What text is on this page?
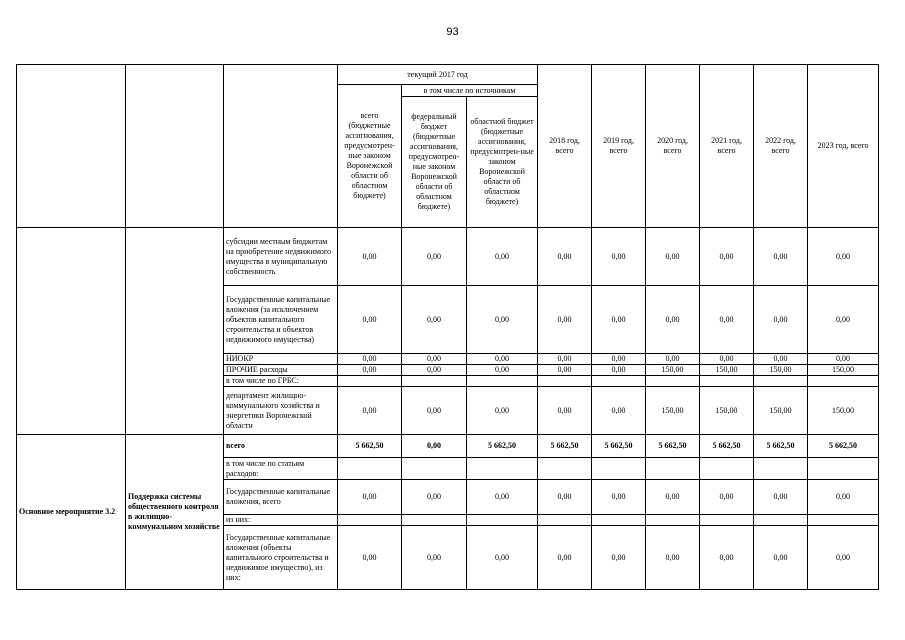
93
			текущий 2017 год			2018 год, всего	2019 год, всего	2020 год, всего	2021 год, всего	2022 год, всего	2023 год, всего
			всего (бюджетные ассигнования, предусмотрен-ные законом Воронежской области об областном бюджете)	в том числе по источникам							
				федеральный бюджет (бюджетные ассигнования, предусмотрен-ные законом Воронежской области об областном бюджете)	областной бюджет (бюджетные ассигнования, предусмотрен-ные законом Воронежской области об областном бюджете)						
		субсидии местным бюджетам на приобретение недвижимого имущества в муниципальную собственность	0,00	0,00	0,00	0,00	0,00	0,00	0,00	0,00	0,00
		Государственные капитальные вложения (за исключением объектов капитального строительства и объектов недвижимого имущества)	0,00	0,00	0,00	0,00	0,00	0,00	0,00	0,00	0,00
		НИОКР	0,00	0,00	0,00	0,00	0,00	0,00	0,00	0,00	0,00
		ПРОЧИЕ расходы	0,00	0,00	0,00	0,00	0,00	150,00	150,00	150,00	150,00
		в том числе по ГРБС:									
		департамент жилищно-коммунального хозяйства и энергетики Воронежской области	0,00	0,00	0,00	0,00	0,00	150,00	150,00	150,00	150,00
Основное мероприятие 3.2	Поддержка системы общественного контроля в жилищно-коммунальном хозяйстве	всего	5 662,50	0,00	5 662,50	5 662,50	5 662,50	5 662,50	5 662,50	5 662,50	5 662,50
		в том числе по статьям расходов:									
		Государственные капитальные вложения, всего	0,00	0,00	0,00	0,00	0,00	0,00	0,00	0,00	0,00
		из них:									
		Государственные капитальные вложения (объекты капитального строительства и недвижимое имущество), из них:	0,00	0,00	0,00	0,00	0,00	0,00	0,00	0,00	0,00
